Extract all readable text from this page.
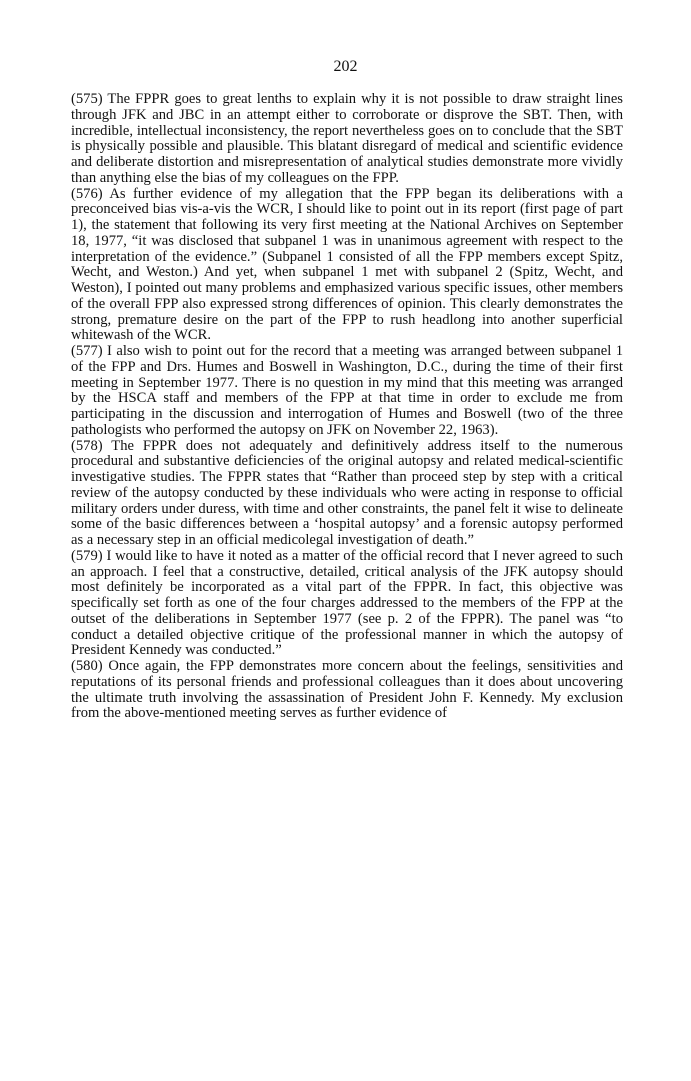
202

(575) The FPPR goes to great lenths to explain why it is not possible to draw straight lines through JFK and JBC in an attempt either to corroborate or disprove the SBT. Then, with incredible, intellectual inconsistency, the report nevertheless goes on to conclude that the SBT is physically possible and plausible. This blatant disregard of medical and scientific evidence and deliberate distortion and misrepresentation of analytical studies demonstrate more vividly than anything else the bias of my colleagues on the FPP.

(576) As further evidence of my allegation that the FPP began its deliberations with a preconceived bias vis-a-vis the WCR, I should like to point out in its report (first page of part 1), the statement that following its very first meeting at the National Archives on September 18, 1977, “it was disclosed that subpanel 1 was in unanimous agreement with respect to the interpretation of the evidence.” (Subpanel 1 consisted of all the FPP members except Spitz, Wecht, and Weston.) And yet, when subpanel 1 met with subpanel 2 (Spitz, Wecht, and Weston), I pointed out many problems and emphasized various specific issues, other members of the overall FPP also expressed strong differences of opinion. This clearly demonstrates the strong, premature desire on the part of the FPP to rush headlong into another superficial whitewash of the WCR.

(577) I also wish to point out for the record that a meeting was arranged between subpanel 1 of the FPP and Drs. Humes and Boswell in Washington, D.C., during the time of their first meeting in September 1977. There is no question in my mind that this meeting was arranged by the HSCA staff and members of the FPP at that time in order to exclude me from participating in the discussion and interrogation of Humes and Boswell (two of the three pathologists who performed the autopsy on JFK on November 22, 1963).

(578) The FPPR does not adequately and definitively address itself to the numerous procedural and substantive deficiencies of the original autopsy and related medical-scientific investigative studies. The FPPR states that “Rather than proceed step by step with a critical review of the autopsy conducted by these individuals who were acting in response to official military orders under duress, with time and other constraints, the panel felt it wise to delineate some of the basic differences between a ‘hospital autopsy’ and a forensic autopsy performed as a necessary step in an official medicolegal investigation of death.”

(579) I would like to have it noted as a matter of the official record that I never agreed to such an approach. I feel that a constructive, detailed, critical analysis of the JFK autopsy should most definitely be incorporated as a vital part of the FPPR. In fact, this objective was specifically set forth as one of the four charges addressed to the members of the FPP at the outset of the deliberations in September 1977 (see p. 2 of the FPPR). The panel was “to conduct a detailed objective critique of the professional manner in which the autopsy of President Kennedy was conducted.”

(580) Once again, the FPP demonstrates more concern about the feelings, sensitivities and reputations of its personal friends and professional colleagues than it does about uncovering the ultimate truth involving the assassination of President John F. Kennedy. My exclusion from the above-mentioned meeting serves as further evidence of
